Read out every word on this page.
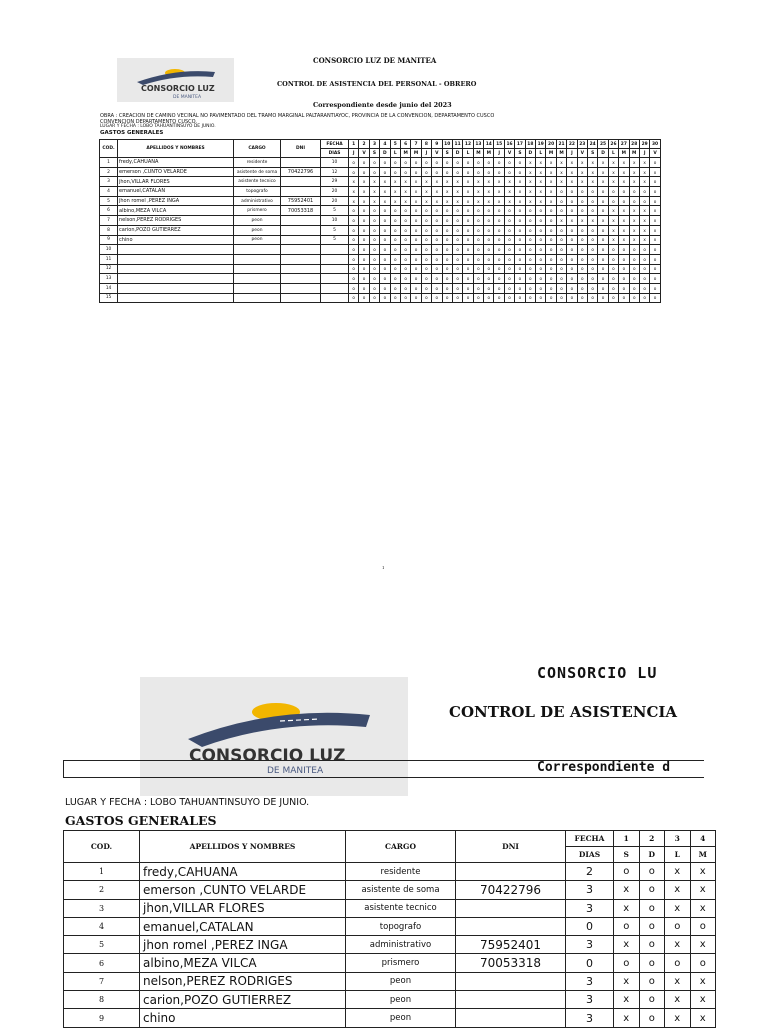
CONSORCIO LUZ
DE MANITEA
CONSORCIO LUZ DE MANITEA
CONTROL DE ASISTENCIA DEL PERSONAL - OBRERO
Correspondiente desde junio del 2023
OBRA : CREACION DE CAMINO VECINAL NO PAVIMENTADO DEL TRAMO MARGINAL PALTARANTIAYOC, PROVINCIA DE LA CONVENCION, DEPARTAMENTO CUSCO
CONVENCION DEPARTAMENTO CUSCO.
LUGAR Y FECHA : LOBO TAHUANTINSUYO DE JUNIO.
GASTOS GENERALES
COD.	APELLIDOS Y NOMBRES	CARGO	DNI	FECHA	1	2	3	4	5	6	7	8	9	10	11	12	13	14	15	16	17	18	19	20	21	22	23	24	25	26	27	28	29	30
				DIAS	J	V	S	D	L	M	M	J	V	S	D	L	M	M	J	V	S	D	L	M	M	J	V	S	D	L	M	M	J	V
1	fredy,CAHUANA	residente		10	o	o	o	o	o	o	o	o	o	o	o	o	o	o	o	o	o	x	x	x	x	x	x	x	x	x	x	x	x	o
2	emerson ,CUNTO VELARDE	asistente de soma	70422796	12	o	o	o	o	o	o	o	o	o	o	o	o	o	o	o	o	o	x	x	x	x	x	x	x	x	x	x	x	x	x
3	jhon,VILLAR FLORES	asistente tecnico		29	x	x	x	x	x	x	x	x	x	x	x	x	x	x	x	x	x	x	x	x	x	x	x	x	x	x	x	x	x	o
4	emanuel,CATALAN	topografo		20	x	x	x	x	x	x	x	x	x	x	x	x	x	x	x	x	x	x	x	x	o	o	o	o	o	o	o	o	o	o
5	jhon romel ,PEREZ INGA	administrativo	75952401	20	x	x	x	x	x	x	x	x	x	x	x	x	x	x	x	x	x	x	x	x	o	o	o	o	o	o	o	o	o	o
6	albino,MEZA VILCA	prismero	70053318	5	o	o	o	o	o	o	o	o	o	o	o	o	o	o	o	o	o	o	o	o	o	o	o	o	o	x	x	x	x	x
7	nelson,PEREZ RODRIGES	peon		10	o	o	o	o	o	o	o	o	o	o	o	o	o	o	o	o	o	o	o	o	x	x	x	x	x	x	x	x	x	x
8	carion,POZO GUTIERREZ	peon		5	o	o	o	o	o	o	o	o	o	o	o	o	o	o	o	o	o	o	o	o	o	o	o	o	o	x	x	x	x	x
9	chino	peon		5	o	o	o	o	o	o	o	o	o	o	o	o	o	o	o	o	o	o	o	o	o	o	o	o	o	x	x	x	x	x
10					o	o	o	o	o	o	o	o	o	o	o	o	o	o	o	o	o	o	o	o	o	o	o	o	o	o	o	o	o	o
11					o	o	o	o	o	o	o	o	o	o	o	o	o	o	o	o	o	o	o	o	o	o	o	o	o	o	o	o	o	o
12					o	o	o	o	o	o	o	o	o	o	o	o	o	o	o	o	o	o	o	o	o	o	o	o	o	o	o	o	o	o
13					o	o	o	o	o	o	o	o	o	o	o	o	o	o	o	o	o	o	o	o	o	o	o	o	o	o	o	o	o	o
14					o	o	o	o	o	o	o	o	o	o	o	o	o	o	o	o	o	o	o	o	o	o	o	o	o	o	o	o	o	o
15					o	o	o	o	o	o	o	o	o	o	o	o	o	o	o	o	o	o	o	o	o	o	o	o	o	o	o	o	o	o
1
CONSORCIO LUZ
DE MANITEA
CONSORCIO LU
CONTROL DE ASISTENCIA
Correspondiente d
LUGAR Y FECHA : LOBO TAHUANTINSUYO DE JUNIO.
GASTOS GENERALES
COD.	APELLIDOS Y NOMBRES	CARGO	DNI	FECHA	1	2	3	4
				DIAS	S	D	L	M
1	fredy,CAHUANA	residente		2	o	o	x	x
2	emerson ,CUNTO VELARDE	asistente de soma	70422796	3	x	o	x	x
3	jhon,VILLAR FLORES	asistente tecnico		3	x	o	x	x
4	emanuel,CATALAN	topografo		0	o	o	o	o
5	jhon romel ,PEREZ INGA	administrativo	75952401	3	x	o	x	x
6	albino,MEZA VILCA	prismero	70053318	0	o	o	o	o
7	nelson,PEREZ RODRIGES	peon		3	x	o	x	x
8	carion,POZO GUTIERREZ	peon		3	x	o	x	x
9	chino	peon		3	x	o	x	x
